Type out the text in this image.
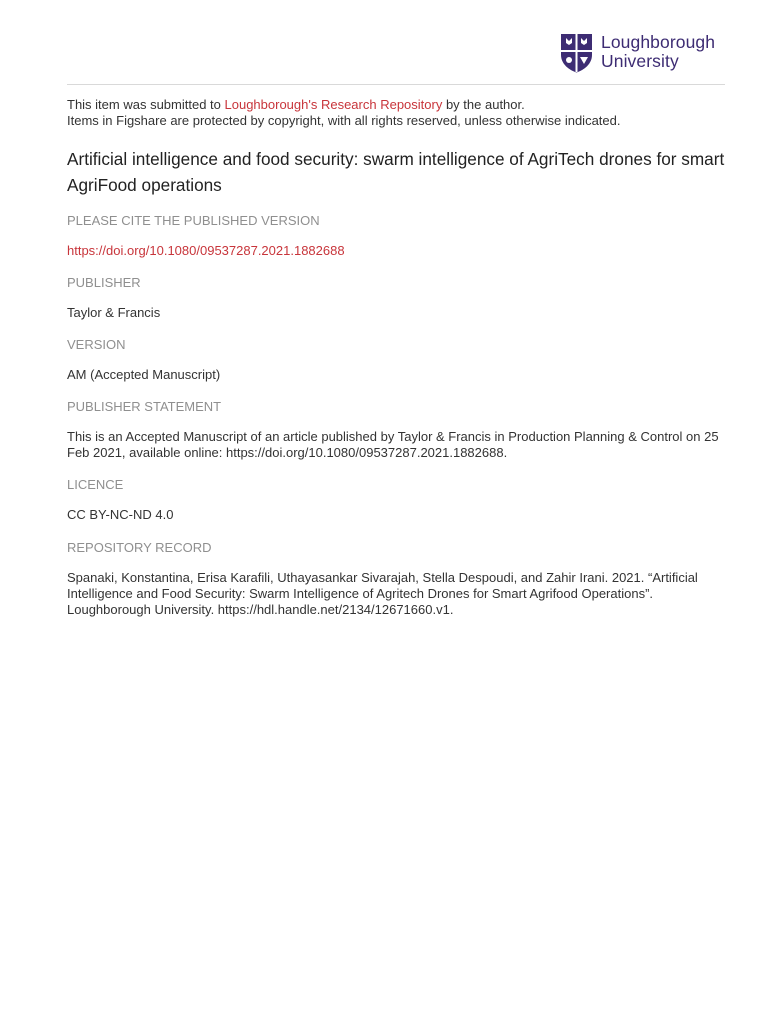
Loughborough
University

This item was submitted to Loughborough's Research Repository by the author.

Items in Figshare are protected by copyright, with all rights reserved, unless otherwise indicated.

Artificial intelligence and food security: swarm intelligence of AgriTech drones for smart AgriFood operations

PLEASE CITE THE PUBLISHED VERSION

https://doi.org/10.1080/09537287.2021.1882688

PUBLISHER

Taylor & Francis

VERSION

AM (Accepted Manuscript)

PUBLISHER STATEMENT

This is an Accepted Manuscript of an article published by Taylor & Francis in Production Planning & Control on 25 Feb 2021, available online: https://doi.org/10.1080/09537287.2021.1882688.

LICENCE

CC BY-NC-ND 4.0

REPOSITORY RECORD

Spanaki, Konstantina, Erisa Karafili, Uthayasankar Sivarajah, Stella Despoudi, and Zahir Irani. 2021. “Artificial Intelligence and Food Security: Swarm Intelligence of Agritech Drones for Smart Agrifood Operations”. Loughborough University. https://hdl.handle.net/2134/12671660.v1.
